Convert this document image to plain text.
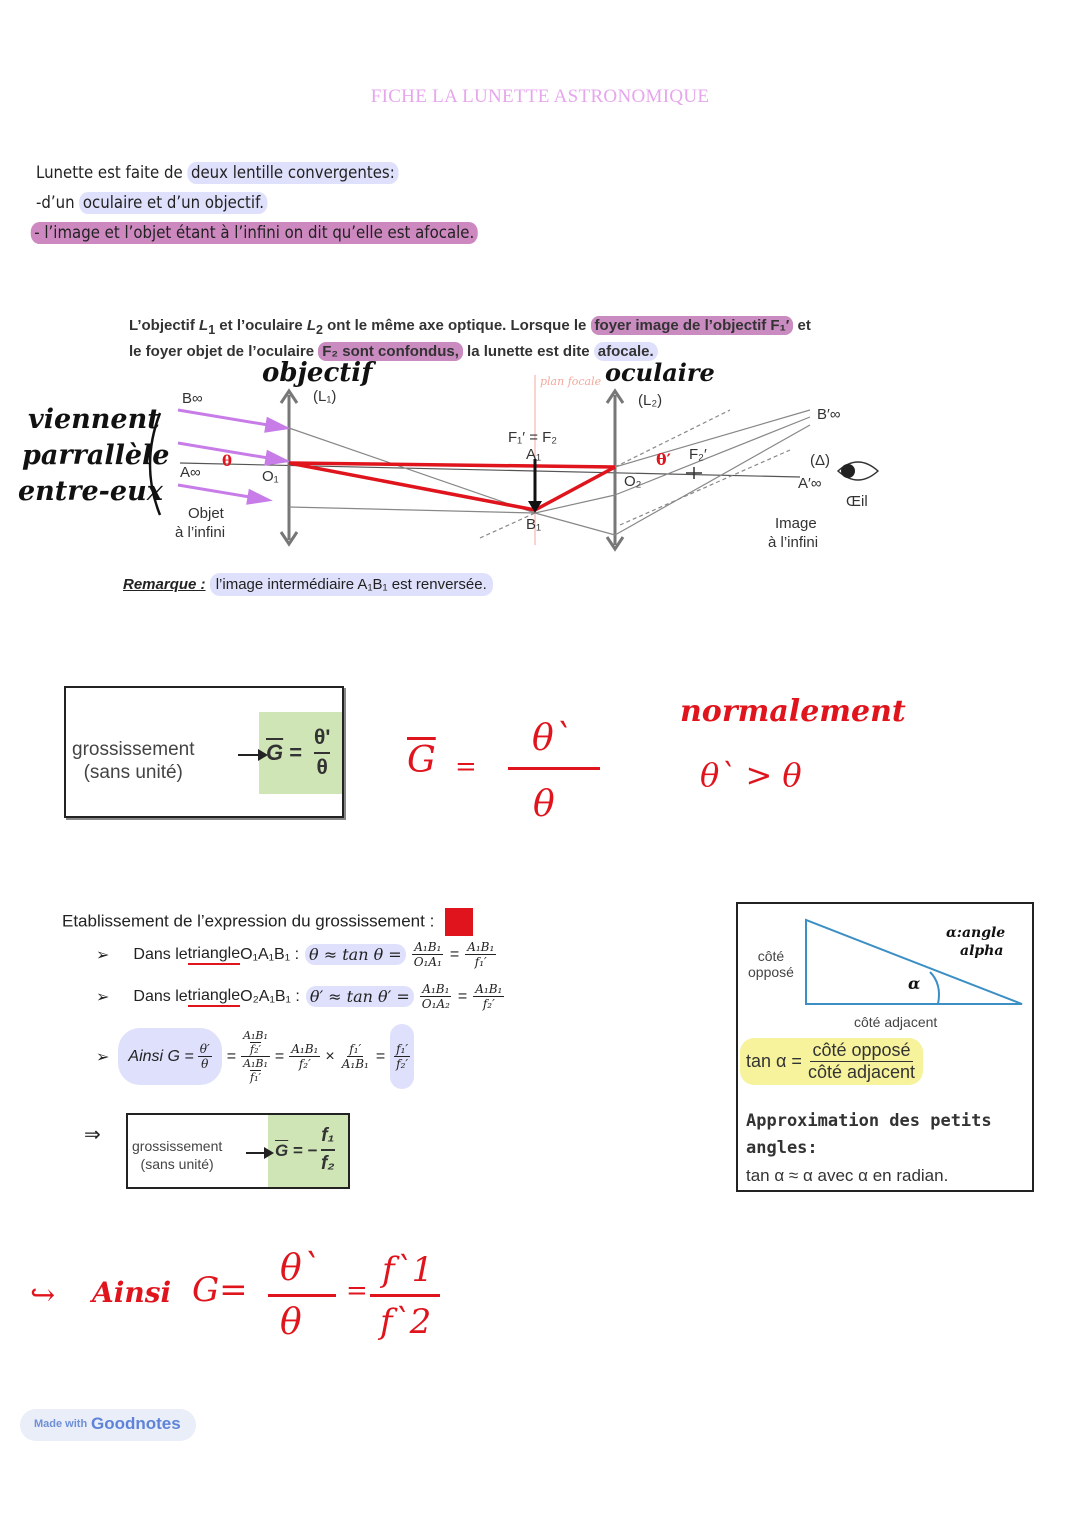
FICHE LA LUNETTE ASTRONOMIQUE
Lunette est faite de deux lentille convergentes:
-d’un oculaire et d’un objectif.
- l’image et l’objet étant à l’infini on dit qu’elle est afocale.
L’objectif $L_1$ et l’oculaire $L_2$ ont le même axe optique. Lorsque le foyer image de l’objectif F₁′ et
le foyer objet de l’oculaire F₂ sont confondus, la lunette est dite afocale.
B∞
A∞	O₁
Objet
à l’infini
(L₁)	(L₂)
F₁′ = F₂
A₁
B₁
O₂
F₂′
B′∞
(Δ)
A′∞
Œil
Image
à l’infini
plan focale
θ	θ′
objectif	oculaire
viennent
parrallèle
entre-eux
Remarque : l’image intermédiaire A₁B₁ est renversée.
grossissement
(sans unité)
$\overline{G} = \frac{\theta'}{\theta} \overline{G}$ =
θ`
θ
normalement
θ` > θ
Etablissement de l’expression du grossissement :
➢ Dans le triangle O₁A₁B₁ : $\theta \approx \tan \theta = \frac{\text{A₁B₁}}{\text{O₁A₁}} = \frac{\text{A₁B₁}}{\text{f₁′}}$
➢ Dans le triangle O₂A₁B₁ : $\theta' \approx \tan \theta' = \frac{\text{A₁B₁}}{\text{O₁A₂}} = \frac{\text{A₁B₁}}{\text{f₂′}}$
➢ Ainsi $G = \frac{\theta'}{\theta} = A_1B_1$
f₂′
A₁B₁
$f_1' = \frac{\text{A₁B₁}}{\text{f₂′}} \times \frac{\text{f₁′}}{\text{A₁B₁}} = \frac{\text{f₁′}}{\text{f₂′}}$
⇒ grossissement
(sans unité)
$\overline{G}$ = − $\frac{\text{f₁}}{\text{f₂}}$
côté
opposé
côté adjacent
α
α:angle
alpha
tan α =
côté opposé
côté adjacent
Approximation des petits
angles:
tan α ≈ α avec α en radian.
↪ Ainsi G=
θ`
θ
=
f`1
f`2
Made with Goodnotes
